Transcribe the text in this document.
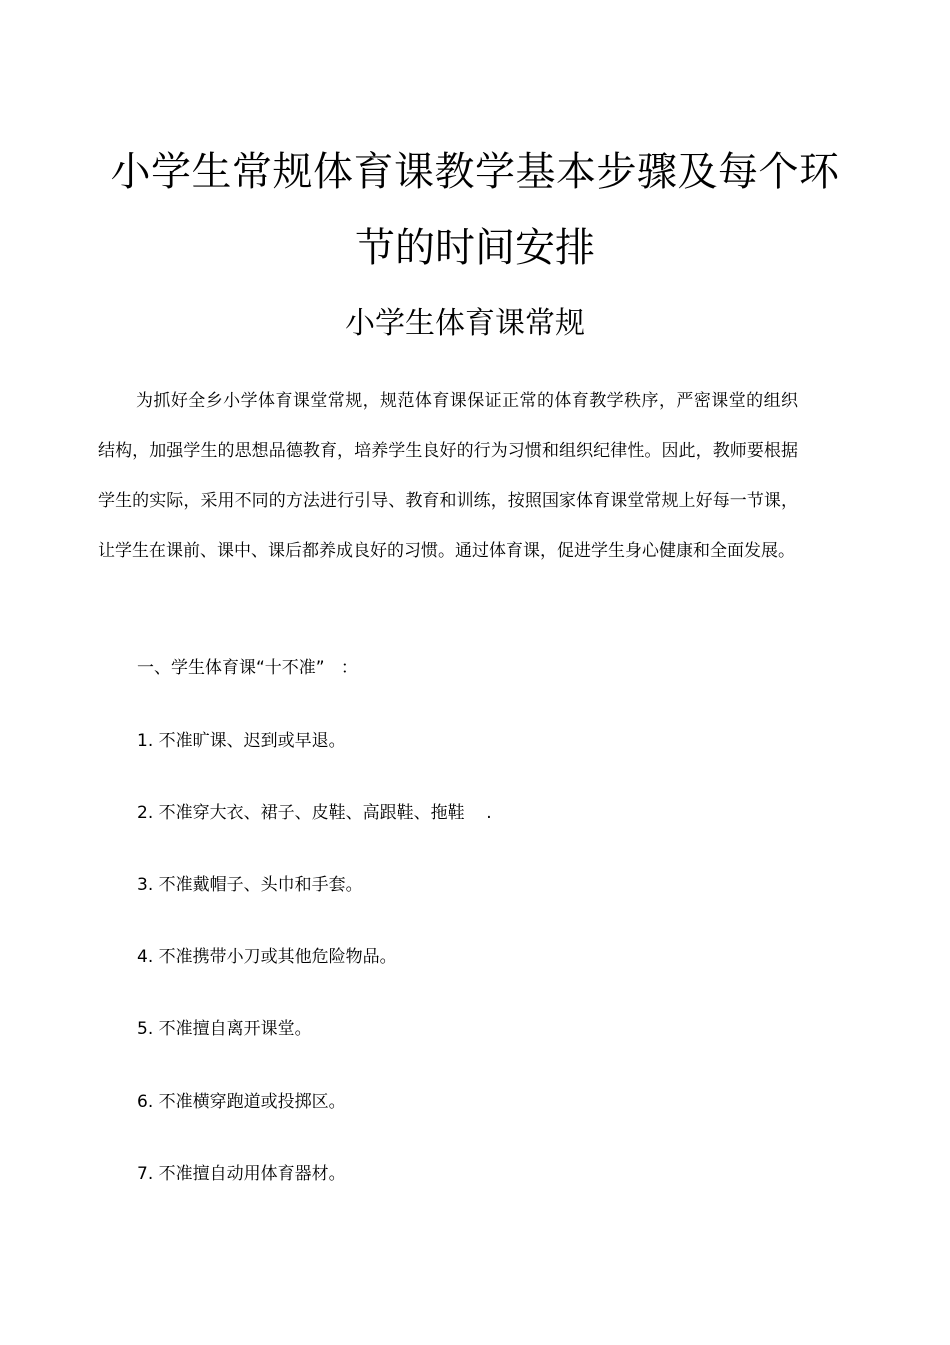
小学生常规体育课教学基本步骤及每个环
节的时间安排
小学生体育课常规

为抓好全乡小学体育课堂常规，规范体育课保证正常的体育教学秩序，严密课堂的组织结构，加强学生的思想品德教育，培养学生良好的行为习惯和组织纪律性。因此，教师要根据学生的实际，采用不同的方法进行引导、教育和训练，按照国家体育课堂常规上好每一节课，让学生在课前、课中、课后都养成良好的习惯。通过体育课，促进学生身心健康和全面发展。

一、学生体育课“十不准”   ：

1. 不准旷课、迟到或早退。

2. 不准穿大衣、裙子、皮鞋、高跟鞋、拖鞋    .

3. 不准戴帽子、头巾和手套。

4. 不准携带小刀或其他危险物品。

5. 不准擅自离开课堂。

6. 不准横穿跑道或投掷区。

7. 不准擅自动用体育器材。
